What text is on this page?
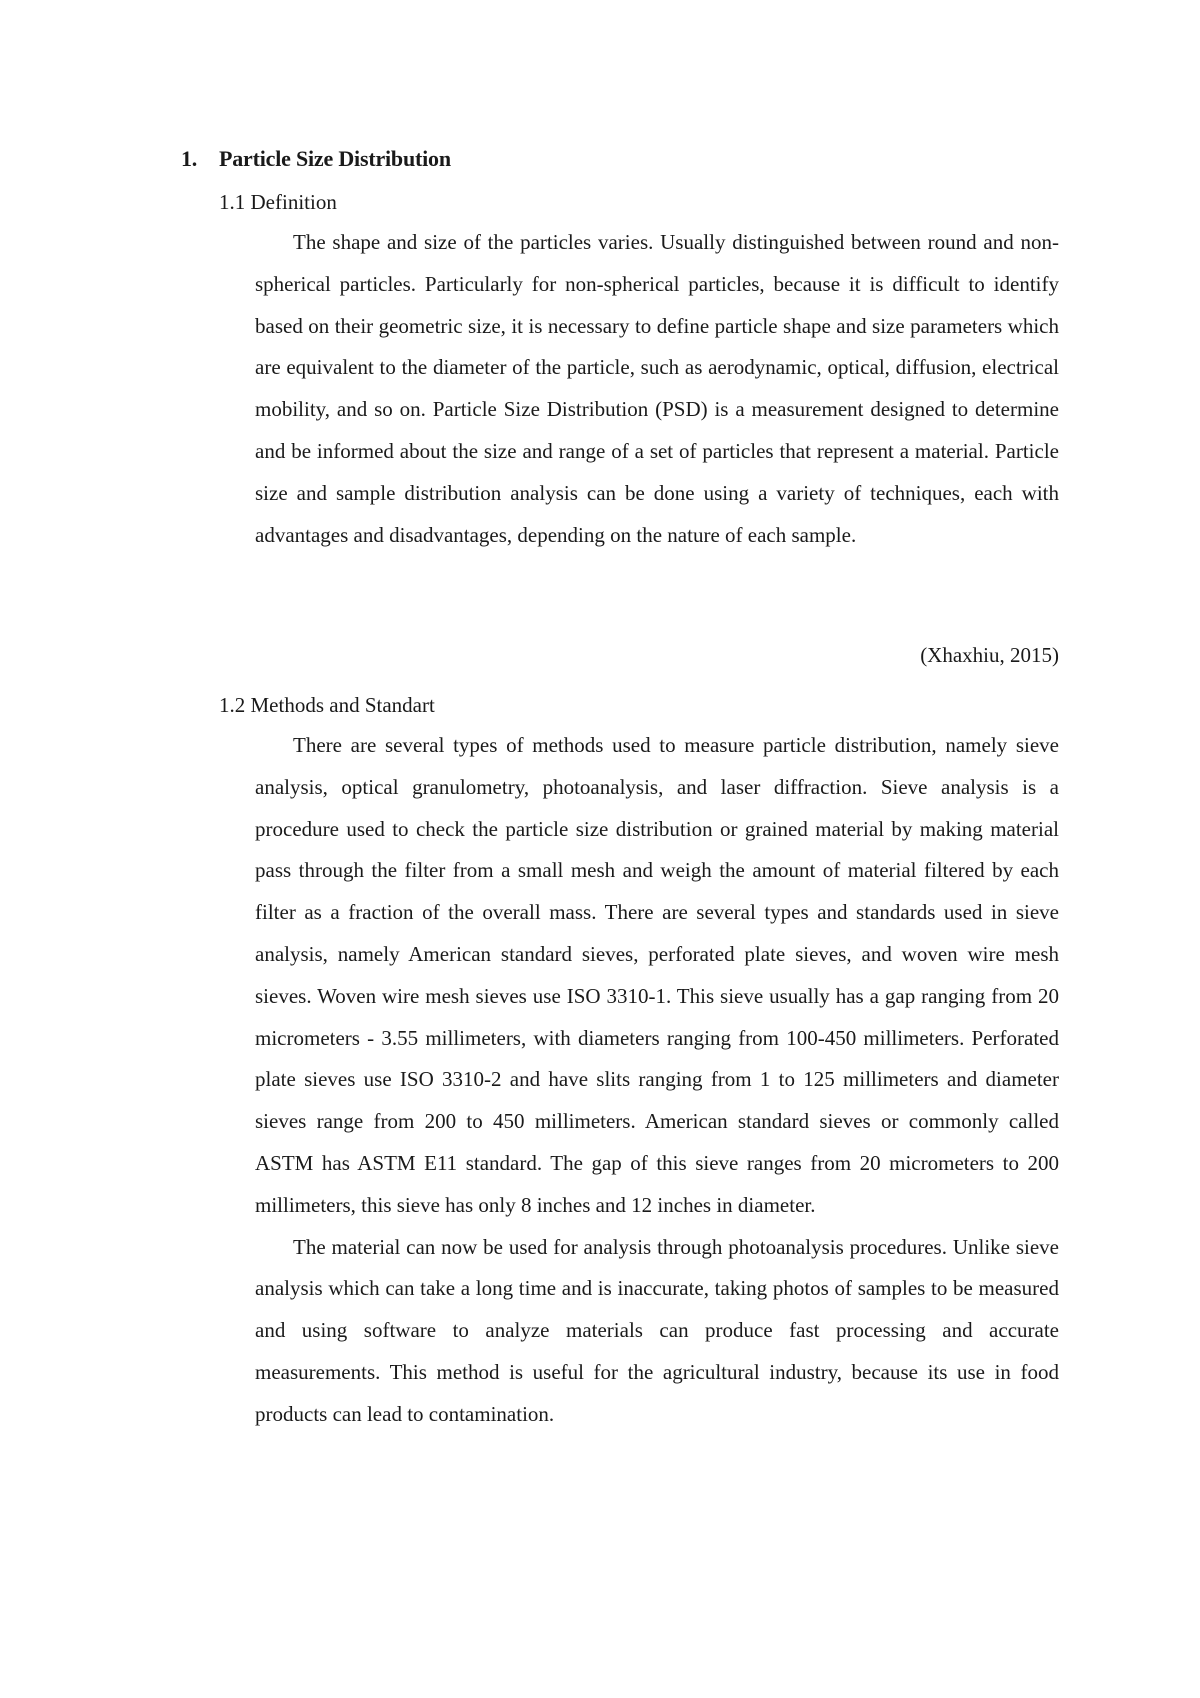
1. Particle Size Distribution
1.1 Definition

The shape and size of the particles varies. Usually distinguished between round and non-spherical particles. Particularly for non-spherical particles, because it is difficult to identify based on their geometric size, it is necessary to define particle shape and size parameters which are equivalent to the diameter of the particle, such as aerodynamic, optical, diffusion, electrical mobility, and so on. Particle Size Distribution (PSD) is a measurement designed to determine and be informed about the size and range of a set of particles that represent a material. Particle size and sample distribution analysis can be done using a variety of techniques, each with advantages and disadvantages, depending on the nature of each sample.

(Xhaxhiu, 2015)
1.2 Methods and Standart

There are several types of methods used to measure particle distribution, namely sieve analysis, optical granulometry, photoanalysis, and laser diffraction. Sieve analysis is a procedure used to check the particle size distribution or grained material by making material pass through the filter from a small mesh and weigh the amount of material filtered by each filter as a fraction of the overall mass. There are several types and standards used in sieve analysis, namely American standard sieves, perforated plate sieves, and woven wire mesh sieves. Woven wire mesh sieves use ISO 3310-1. This sieve usually has a gap ranging from 20 micrometers - 3.55 millimeters, with diameters ranging from 100-450 millimeters. Perforated plate sieves use ISO 3310-2 and have slits ranging from 1 to 125 millimeters and diameter sieves range from 200 to 450 millimeters. American standard sieves or commonly called ASTM has ASTM E11 standard. The gap of this sieve ranges from 20 micrometers to 200 millimeters, this sieve has only 8 inches and 12 inches in diameter.

The material can now be used for analysis through photoanalysis procedures. Unlike sieve analysis which can take a long time and is inaccurate, taking photos of samples to be measured and using software to analyze materials can produce fast processing and accurate measurements. This method is useful for the agricultural industry, because its use in food products can lead to contamination.
